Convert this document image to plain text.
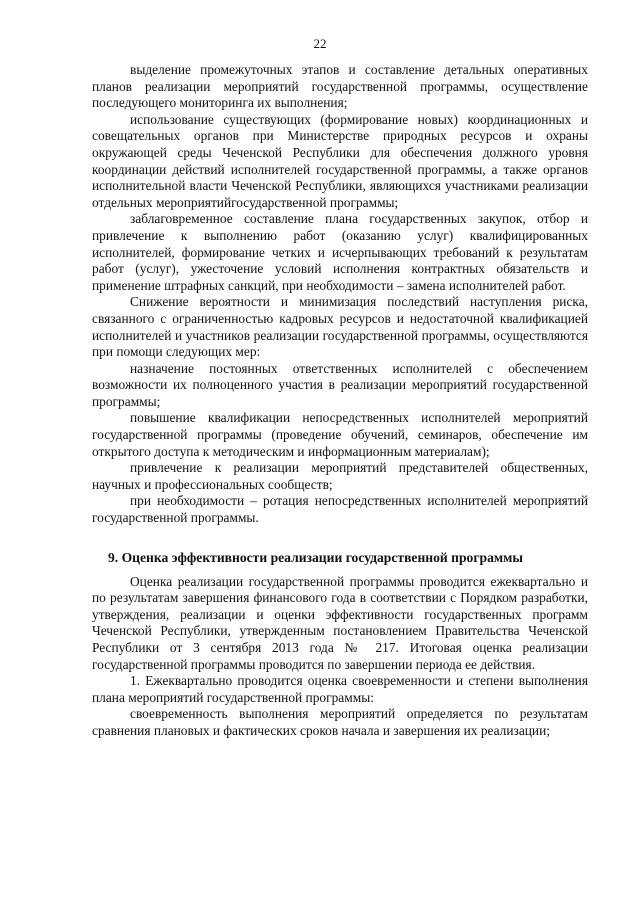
22

выделение промежуточных этапов и составление детальных оперативных планов реализации мероприятий государственной программы, осуществление последующего мониторинга их выполнения;

использование существующих (формирование новых) координационных и совещательных органов при Министерстве природных ресурсов и охраны окружающей среды Чеченской Республики для обеспечения должного уровня координации действий исполнителей государственной программы, а также органов исполнительной власти Чеченской Республики, являющихся участниками реализации отдельных мероприятийгосударственной программы;

заблаговременное составление плана государственных закупок, отбор и привлечение к выполнению работ (оказанию услуг) квалифицированных исполнителей, формирование четких и исчерпывающих требований к результатам работ (услуг), ужесточение условий исполнения контрактных обязательств и применение штрафных санкций, при необходимости – замена исполнителей работ.

Снижение вероятности и минимизация последствий наступления риска, связанного с ограниченностью кадровых ресурсов и недостаточной квалификацией исполнителей и участников реализации государственной программы, осуществляются при помощи следующих мер:

назначение постоянных ответственных исполнителей с обеспечением возможности их полноценного участия в реализации мероприятий государственной программы;

повышение квалификации непосредственных исполнителей мероприятий государственной программы (проведение обучений, семинаров, обеспечение им открытого доступа к методическим и информационным материалам);

привлечение к реализации мероприятий представителей общественных, научных и профессиональных сообществ;

при необходимости – ротация непосредственных исполнителей мероприятий государственной программы.

9. Оценка эффективности реализации государственной программы

Оценка реализации государственной программы проводится ежеквартально и по результатам завершения финансового года в соответствии с Порядком разработки, утверждения, реализации и оценки эффективности государственных программ Чеченской Республики, утвержденным постановлением Правительства Чеченской Республики от 3 сентября 2013 года № 217. Итоговая оценка реализации государственной программы проводится по завершении периода ее действия.

1. Ежеквартально проводится оценка своевременности и степени выполнения плана мероприятий государственной программы:

своевременность выполнения мероприятий определяется по результатам сравнения плановых и фактических сроков начала и завершения их реализации;
